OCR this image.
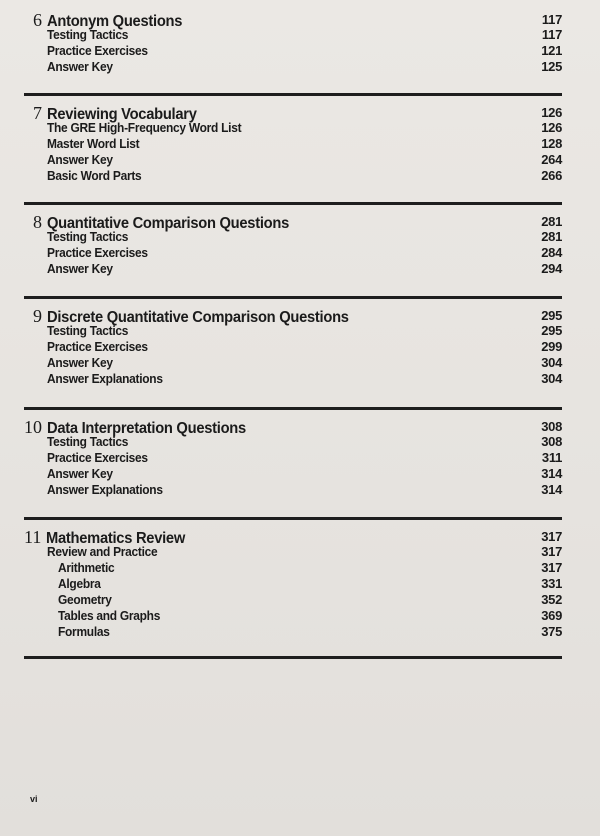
6 Antonym Questions	117
Testing Tactics	117
Practice Exercises	121
Answer Key	125
7 Reviewing Vocabulary	126
The GRE High-Frequency Word List	126
Master Word List	128
Answer Key	264
Basic Word Parts	266
8 Quantitative Comparison Questions	281
Testing Tactics	281
Practice Exercises	284
Answer Key	294
9 Discrete Quantitative Comparison Questions	295
Testing Tactics	295
Practice Exercises	299
Answer Key	304
Answer Explanations	304
10 Data Interpretation Questions	308
Testing Tactics	308
Practice Exercises	311
Answer Key	314
Answer Explanations	314
11 Mathematics Review	317
Review and Practice	317
Arithmetic	317
Algebra	331
Geometry	352
Tables and Graphs	369
Formulas	375
vi
